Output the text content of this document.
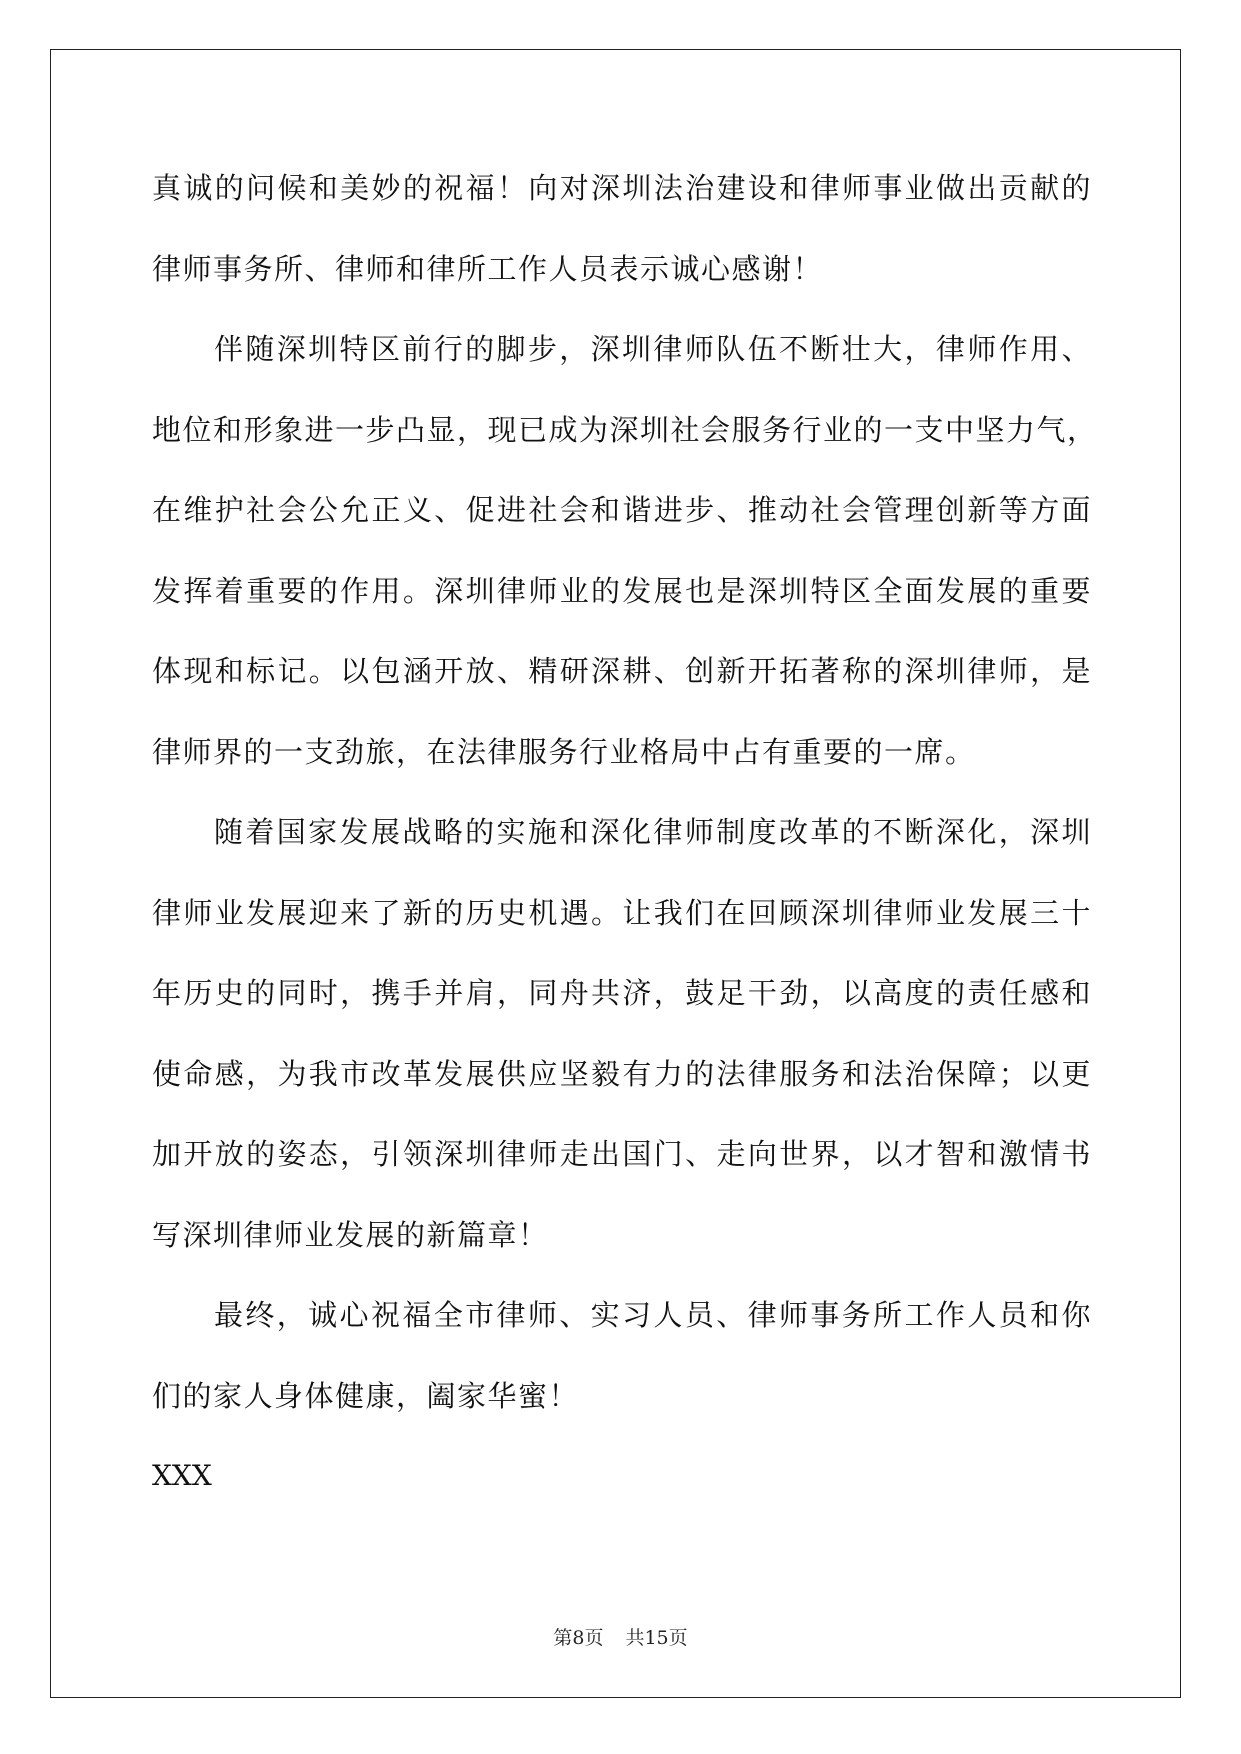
真诚的问候和美妙的祝福！向对深圳法治建设和律师事业做出贡献的
律师事务所、律师和律所工作人员表示诚心感谢！
伴随深圳特区前行的脚步，深圳律师队伍不断壮大，律师作用、
地位和形象进一步凸显，现已成为深圳社会服务行业的一支中坚力气，
在维护社会公允正义、促进社会和谐进步、推动社会管理创新等方面
发挥着重要的作用。深圳律师业的发展也是深圳特区全面发展的重要
体现和标记。以包涵开放、精研深耕、创新开拓著称的深圳律师，是
律师界的一支劲旅，在法律服务行业格局中占有重要的一席。
随着国家发展战略的实施和深化律师制度改革的不断深化，深圳
律师业发展迎来了新的历史机遇。让我们在回顾深圳律师业发展三十
年历史的同时，携手并肩，同舟共济，鼓足干劲，以高度的责任感和
使命感，为我市改革发展供应坚毅有力的法律服务和法治保障；以更
加开放的姿态，引领深圳律师走出国门、走向世界，以才智和激情书
写深圳律师业发展的新篇章！
最终，诚心祝福全市律师、实习人员、律师事务所工作人员和你
们的家人身体健康，阖家华蜜！
XXX
第8页 共15页
